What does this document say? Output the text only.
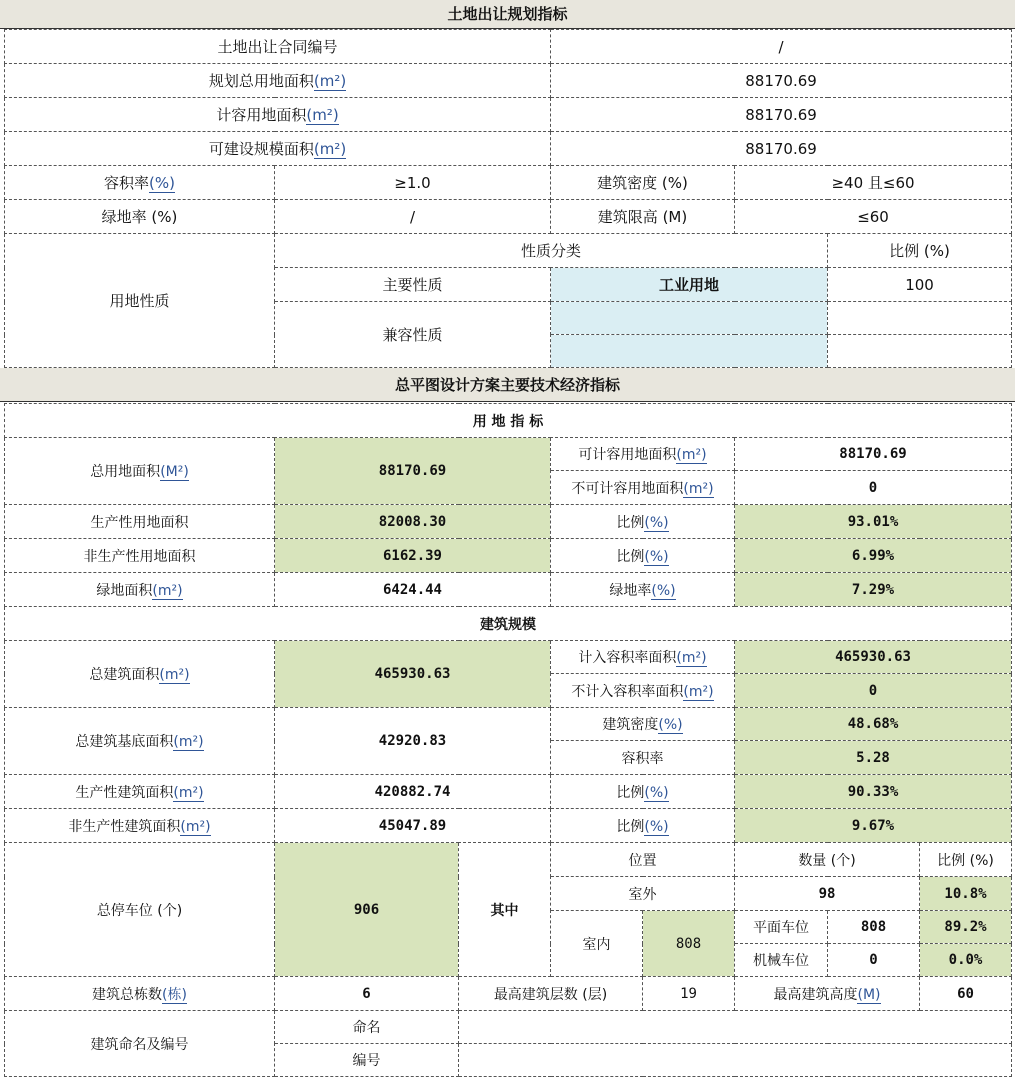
土地出让规划指标
土地出让合同编号		/		
规划总用地面积(m²)		88170.69		
计容用地面积(m²)		88170.69		
可建设规模面积(m²)		88170.69		
容积率(%)	≥1.0	建筑密度 (%)	≥40 且≤60	
绿地率 (%)	/	建筑限高 (M)	≤60	
用地性质	性质分类			比例 (%)
	主要性质	工业用地		100
	兼容性质			

总平图设计方案主要技术经济指标
用 地 指 标							
总用地面积(M²)	88170.69		可计容用地面积(m²)		88170.69		
			不可计容用地面积(m²)		0		
生产性用地面积	82008.30		比例(%)		93.01%		
非生产性用地面积	6162.39		比例(%)		6.99%		
绿地面积(m²)	6424.44		绿地率(%)		7.29%		
建筑规模							
总建筑面积(m²)	465930.63		计入容积率面积(m²)		465930.63		
			不计入容积率面积(m²)		0		
总建筑基底面积(m²)	42920.83		建筑密度(%)		48.68%		
			容积率		5.28		
生产性建筑面积(m²)	420882.74		比例(%)		90.33%		
非生产性建筑面积(m²)	45047.89		比例(%)		9.67%		
总停车位 (个)	906	其中	位置		数量 (个)		比例 (%)
			室外		98		10.8%
			室内	808	平面车位	808	89.2%
					机械车位	0	0.0%
建筑总栋数(栋)	6	最高建筑层数 (层)		19	最高建筑高度(M)		60
建筑命名及编号	命名						
	编号						
